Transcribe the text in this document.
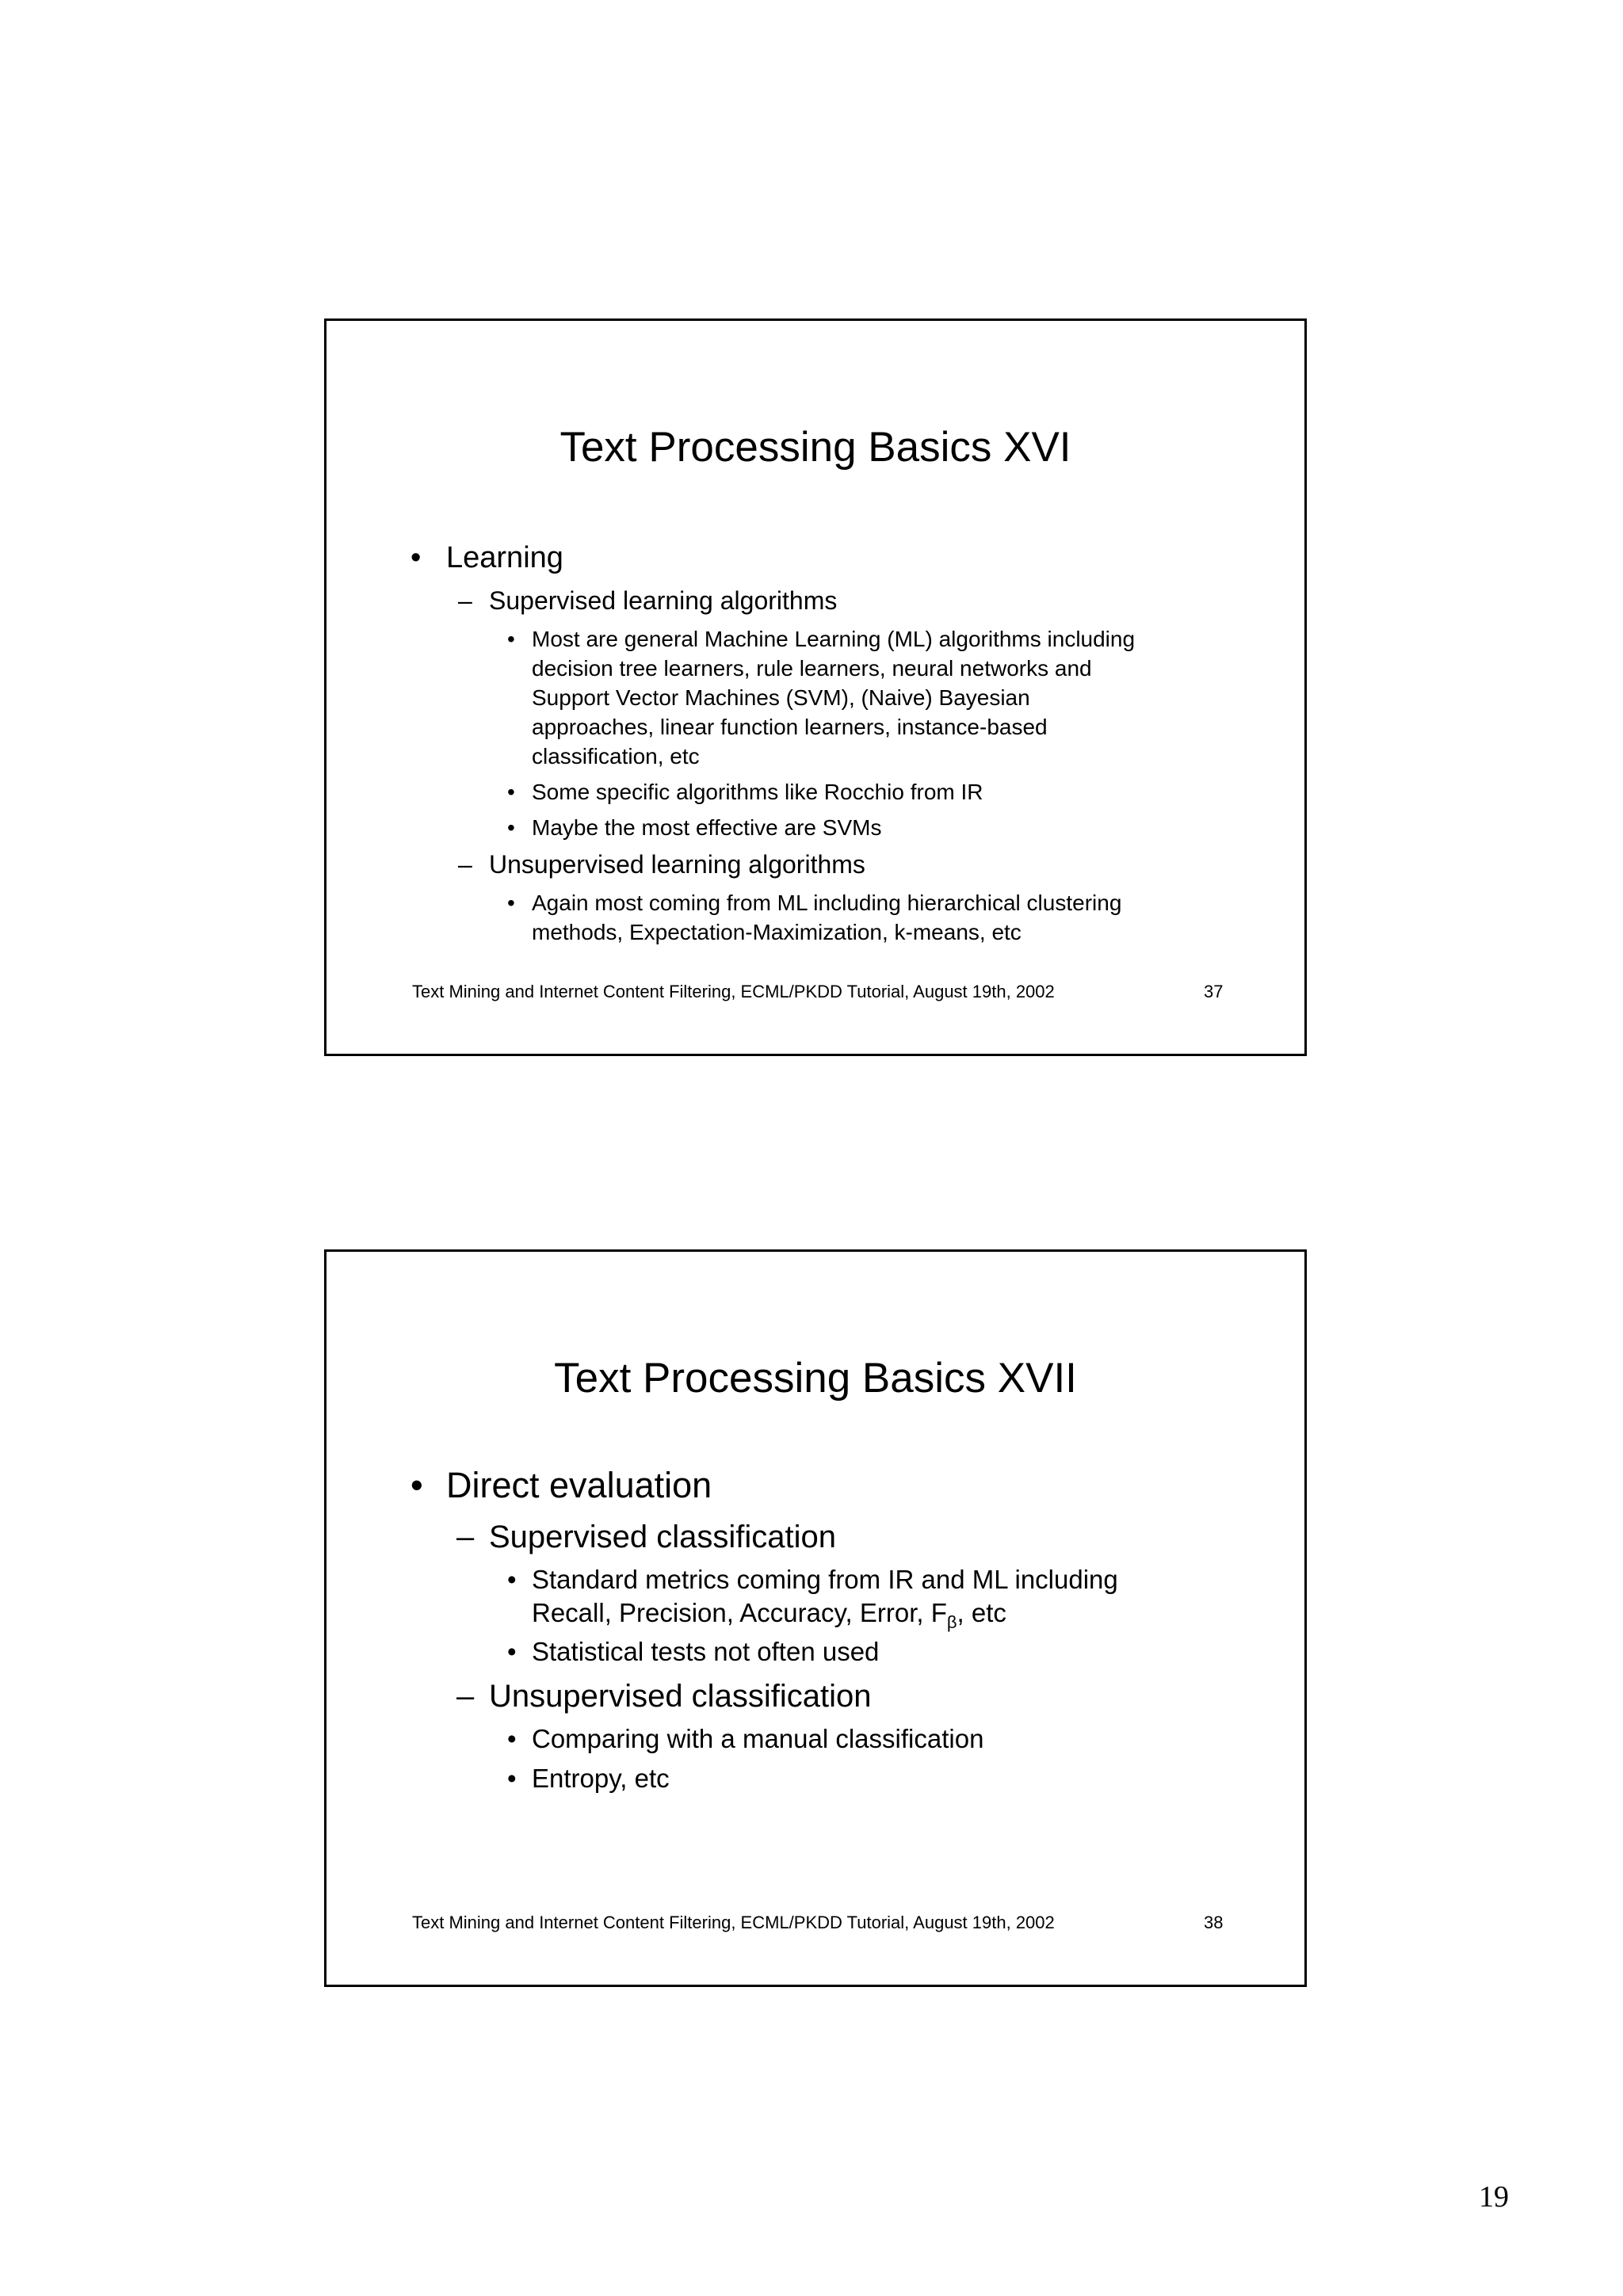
Text Processing Basics XVI
• Learning
– Supervised learning algorithms
• Most are general Machine Learning (ML) algorithms including
decision tree learners, rule learners, neural networks and
Support Vector Machines (SVM), (Naive) Bayesian
approaches, linear function learners, instance-based
classification, etc
• Some specific algorithms like Rocchio from IR
• Maybe the most effective are SVMs
– Unsupervised learning algorithms
• Again most coming from ML including hierarchical clustering
methods, Expectation-Maximization, k-means, etc
Text Mining and Internet Content Filtering, ECML/PKDD Tutorial, August 19th, 2002	37
Text Processing Basics XVII
• Direct evaluation
– Supervised classification
• Standard metrics coming from IR and ML including
Recall, Precision, Accuracy, Error, $F_\beta$, etc
• Statistical tests not often used
– Unsupervised classification
• Comparing with a manual classification
• Entropy, etc
Text Mining and Internet Content Filtering, ECML/PKDD Tutorial, August 19th, 2002	38
19
